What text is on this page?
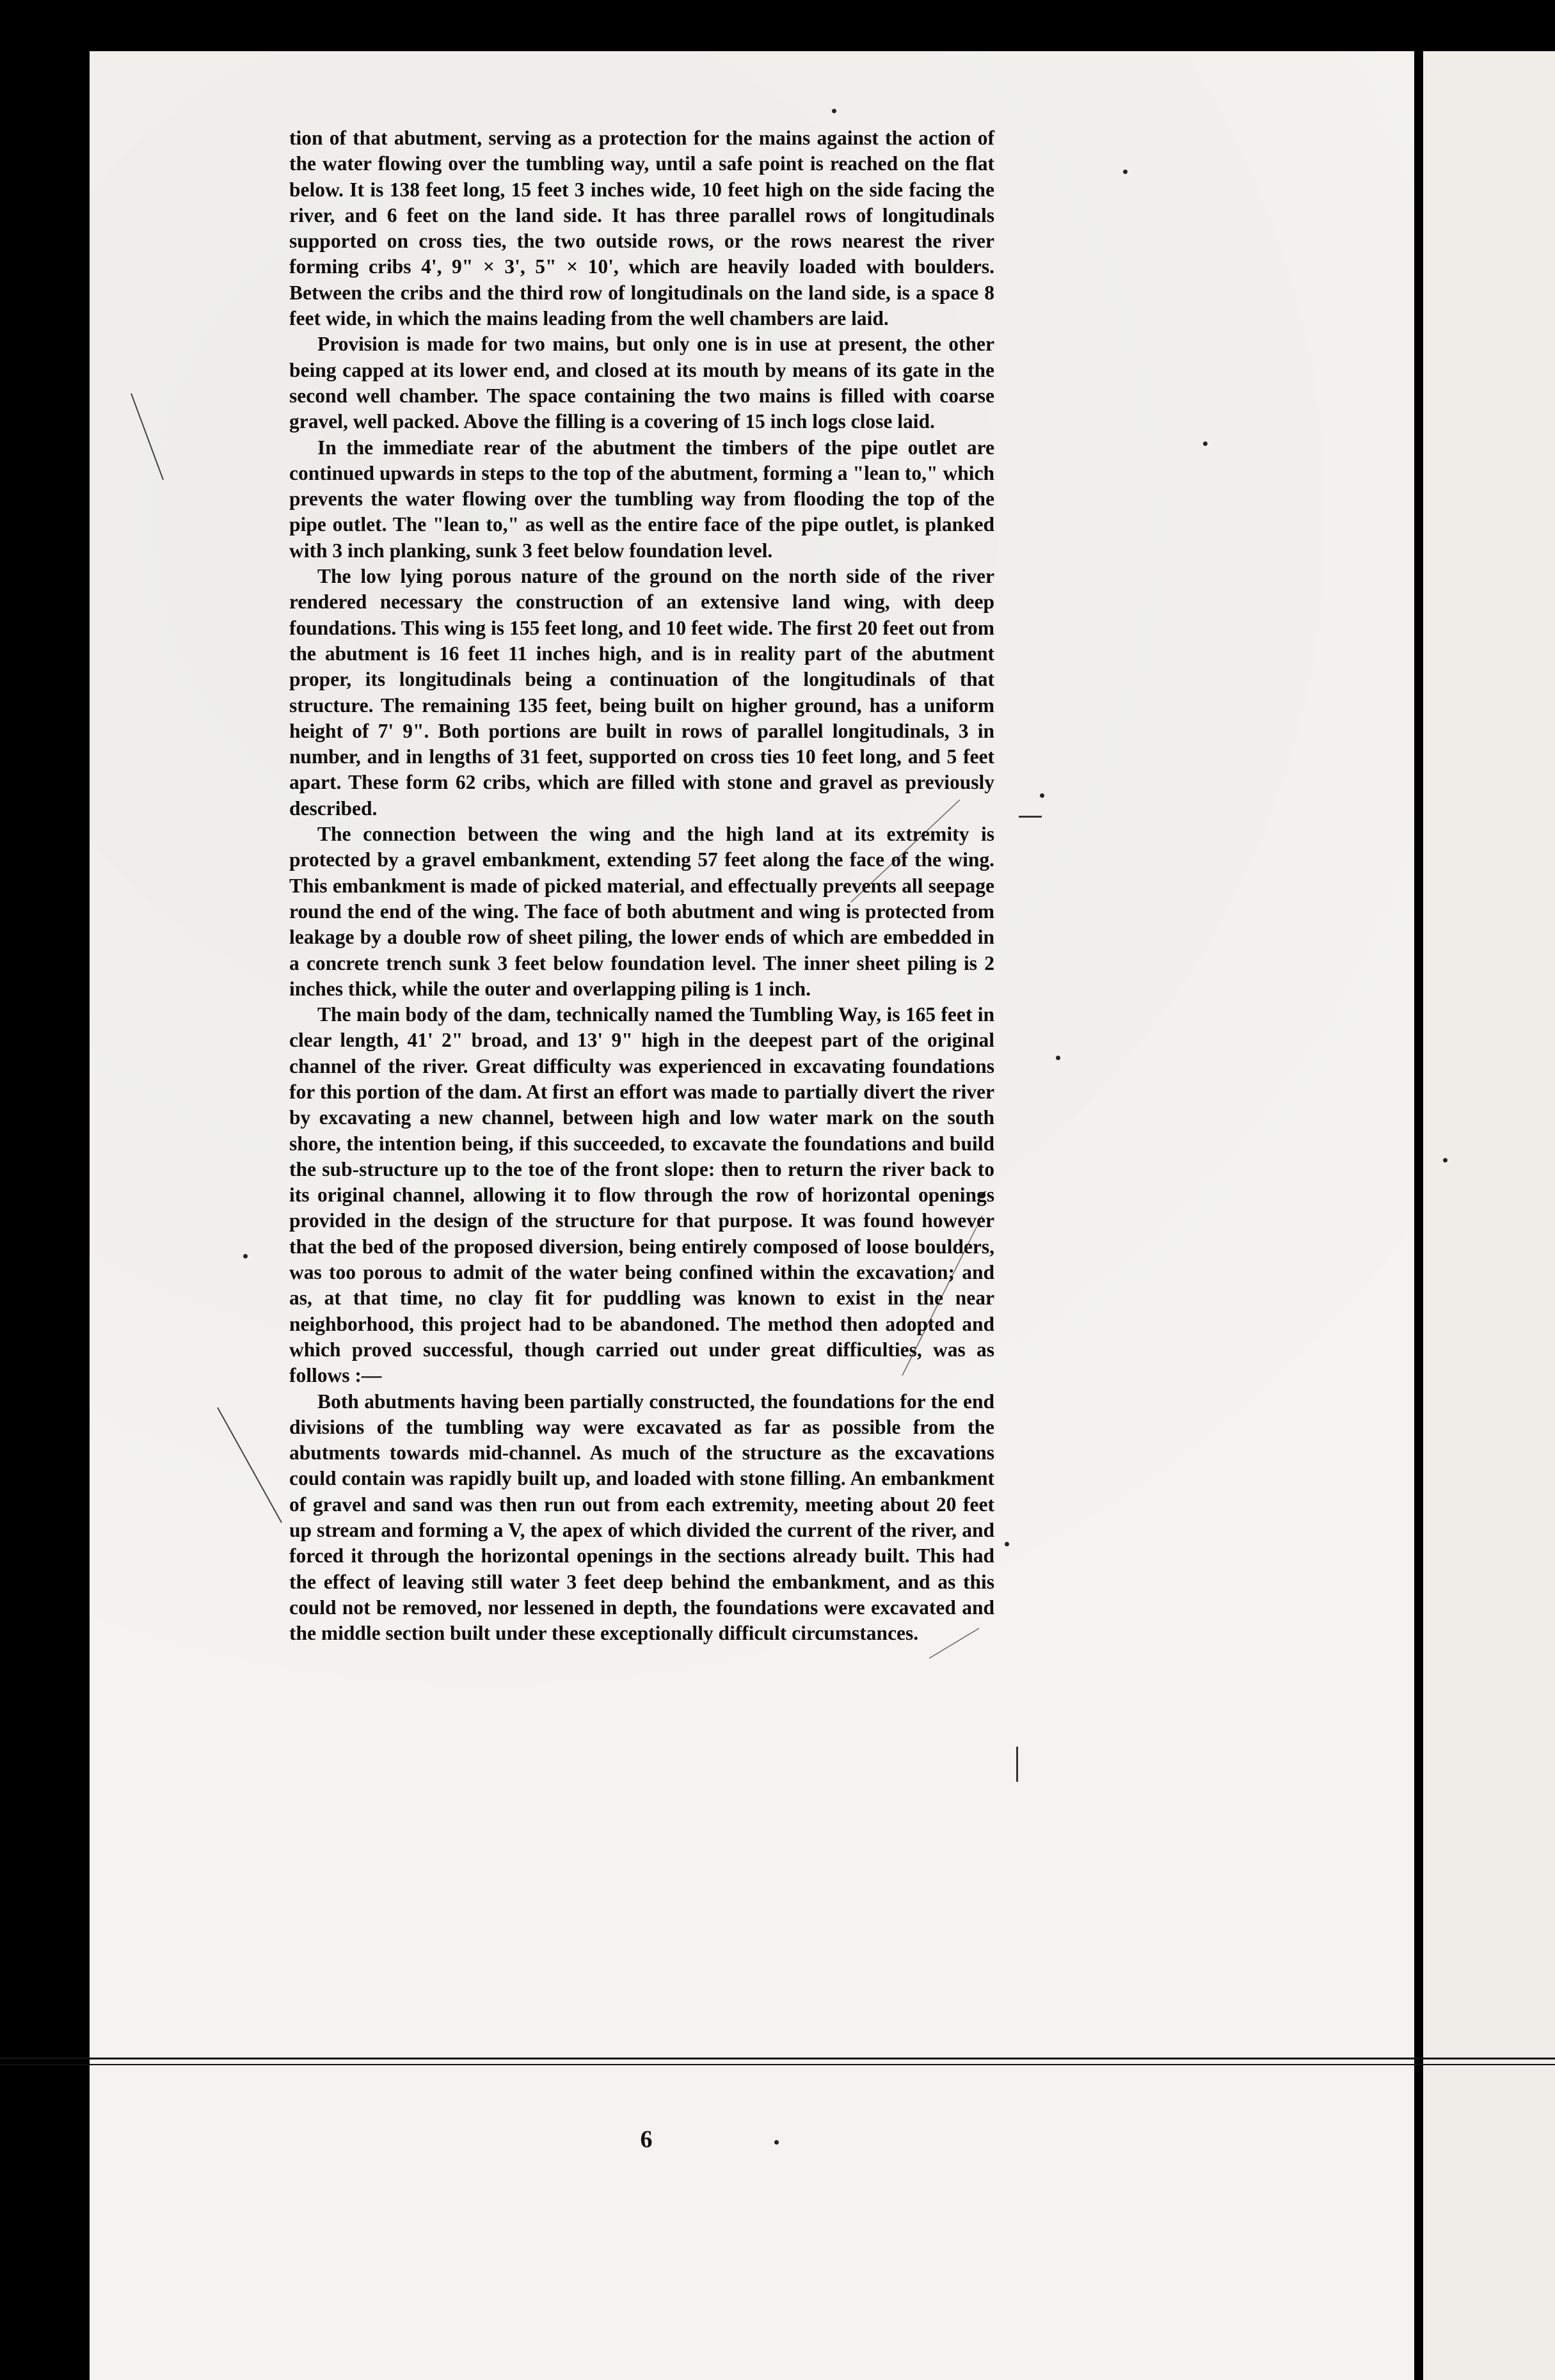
tion of that abutment, serving as a protection for the mains against the action of the water flowing over the tumbling way, until a safe point is reached on the flat below. It is 138 feet long, 15 feet 3 inches wide, 10 feet high on the side facing the river, and 6 feet on the land side. It has three parallel rows of longitudinals supported on cross ties, the two outside rows, or the rows nearest the river forming cribs 4', 9" × 3', 5" × 10', which are heavily loaded with boulders. Between the cribs and the third row of longitudinals on the land side, is a space 8 feet wide, in which the mains leading from the well chambers are laid.

Provision is made for two mains, but only one is in use at present, the other being capped at its lower end, and closed at its mouth by means of its gate in the second well chamber. The space containing the two mains is filled with coarse gravel, well packed. Above the filling is a covering of 15 inch logs close laid.

In the immediate rear of the abutment the timbers of the pipe outlet are continued upwards in steps to the top of the abutment, forming a "lean to," which prevents the water flowing over the tumbling way from flooding the top of the pipe outlet. The "lean to," as well as the entire face of the pipe outlet, is planked with 3 inch planking, sunk 3 feet below foundation level.

The low lying porous nature of the ground on the north side of the river rendered necessary the construction of an extensive land wing, with deep foundations. This wing is 155 feet long, and 10 feet wide. The first 20 feet out from the abutment is 16 feet 11 inches high, and is in reality part of the abutment proper, its longitudinals being a continuation of the longitudinals of that structure. The remaining 135 feet, being built on higher ground, has a uniform height of 7' 9". Both portions are built in rows of parallel longitudinals, 3 in number, and in lengths of 31 feet, supported on cross ties 10 feet long, and 5 feet apart. These form 62 cribs, which are filled with stone and gravel as previously described.

The connection between the wing and the high land at its extremity is protected by a gravel embankment, extending 57 feet along the face of the wing. This embankment is made of picked material, and effectually prevents all seepage round the end of the wing. The face of both abutment and wing is protected from leakage by a double row of sheet piling, the lower ends of which are embedded in a concrete trench sunk 3 feet below foundation level. The inner sheet piling is 2 inches thick, while the outer and overlapping piling is 1 inch.

The main body of the dam, technically named the Tumbling Way, is 165 feet in clear length, 41' 2" broad, and 13' 9" high in the deepest part of the original channel of the river. Great difficulty was experienced in excavating foundations for this portion of the dam. At first an effort was made to partially divert the river by excavating a new channel, between high and low water mark on the south shore, the intention being, if this succeeded, to excavate the foundations and build the sub-structure up to the toe of the front slope: then to return the river back to its original channel, allowing it to flow through the row of horizontal openings provided in the design of the structure for that purpose. It was found however that the bed of the proposed diversion, being entirely composed of loose boulders, was too porous to admit of the water being confined within the excavation; and as, at that time, no clay fit for puddling was known to exist in the near neighborhood, this project had to be abandoned. The method then adopted and which proved successful, though carried out under great difficulties, was as follows :—

Both abutments having been partially constructed, the foundations for the end divisions of the tumbling way were excavated as far as possible from the abutments towards mid-channel. As much of the structure as the excavations could contain was rapidly built up, and loaded with stone filling. An embankment of gravel and sand was then run out from each extremity, meeting about 20 feet up stream and forming a V, the apex of which divided the current of the river, and forced it through the horizontal openings in the sections already built. This had the effect of leaving still water 3 feet deep behind the embankment, and as this could not be removed, nor lessened in depth, the foundations were excavated and the middle section built under these exceptionally difficult circumstances.

6
